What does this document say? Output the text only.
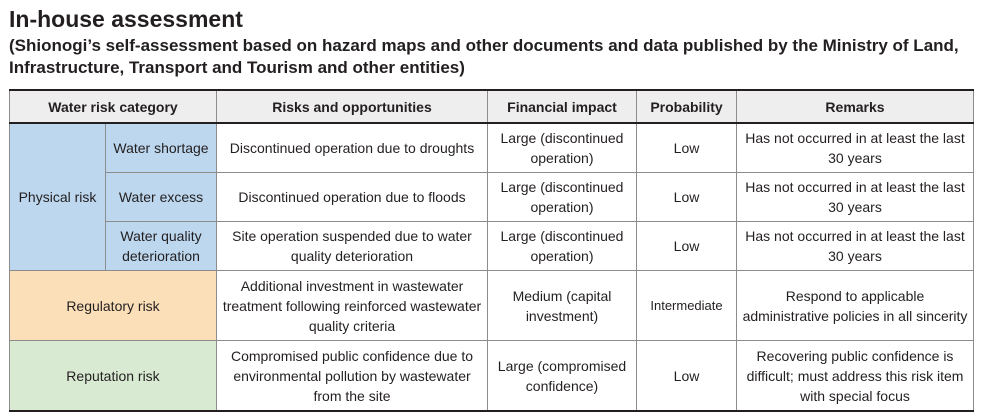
In-house assessment
(Shionogi’s self-assessment based on hazard maps and other documents and data published by the Ministry of Land, Infrastructure, Transport and Tourism and other entities)
Water risk category		Risks and opportunities	Financial impact	Probability	Remarks
Physical risk	Water shortage	Discontinued operation due to droughts	Large (discontinued operation)	Low	Has not occurred in at least the last 30 years
	Water excess	Discontinued operation due to floods	Large (discontinued operation)	Low	Has not occurred in at least the last 30 years
	Water quality deterioration	Site operation suspended due to water quality deterioration	Large (discontinued operation)	Low	Has not occurred in at least the last 30 years
Regulatory risk		Additional investment in wastewater treatment following reinforced wastewater quality criteria	Medium (capital investment)	Intermediate	Respond to applicable administrative policies in all sincerity
Reputation risk		Compromised public confidence due to environmental pollution by wastewater from the site	Large (compromised confidence)	Low	Recovering public confidence is difficult; must address this risk item with special focus
